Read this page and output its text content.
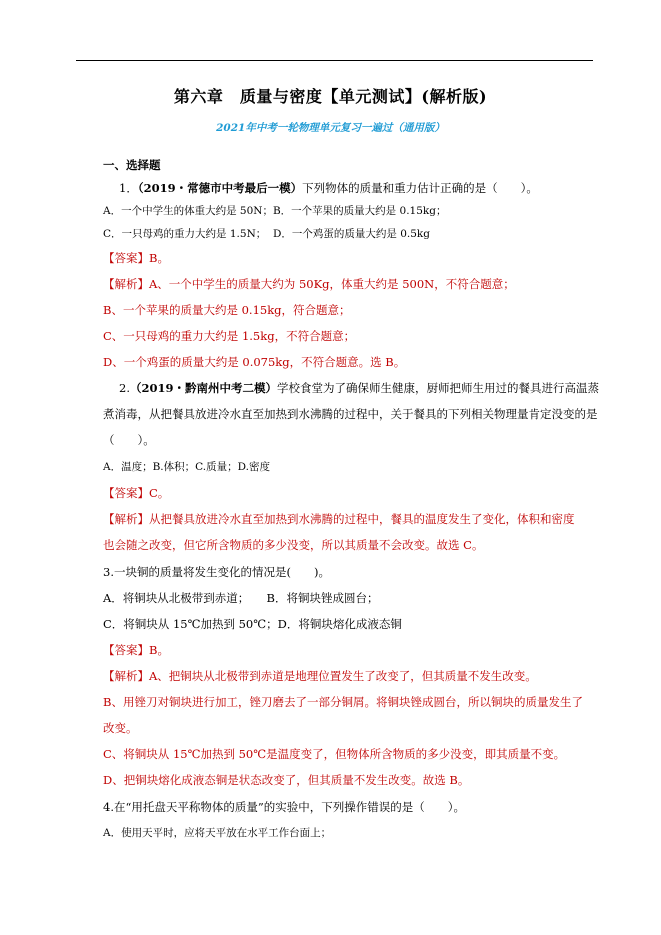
第六章　质量与密度【单元测试】(解析版)
2021年中考一轮物理单元复习一遍过（通用版）
一、选择题
1．（2019・常德市中考最后一模）下列物体的质量和重力估计正确的是（　　）。
A．一个中学生的体重大约是 50N；B．一个苹果的质量大约是 0.15kg；
C．一只母鸡的重力大约是 1.5N； D．一个鸡蛋的质量大约是 0.5kg
【答案】B。
【解析】A、一个中学生的质量大约为 50Kg，体重大约是 500N，不符合题意；
B、一个苹果的质量大约是 0.15kg，符合题意；
C、一只母鸡的重力大约是 1.5kg，不符合题意；
D、一个鸡蛋的质量大约是 0.075kg，不符合题意。选 B。
2.（2019・黔南州中考二模）学校食堂为了确保师生健康，厨师把师生用过的餐具进行高温蒸
煮消毒，从把餐具放进冷水直至加热到水沸腾的过程中，关于餐具的下列相关物理量肯定没变的是
（　　）。
A．温度；B.体积；C.质量；D.密度
【答案】C。
【解析】从把餐具放进冷水直至加热到水沸腾的过程中，餐具的温度发生了变化，体积和密度
也会随之改变，但它所含物质的多少没变，所以其质量不会改变。故选 C。
3.一块铜的质量将发生变化的情况是(　　)。
A．将铜块从北极带到赤道；　　B．将铜块锉成圆台；
C．将铜块从 15℃加热到 50℃；D．将铜块熔化成液态铜
【答案】B。
【解析】A、把铜块从北极带到赤道是地理位置发生了改变了，但其质量不发生改变。
B、用锉刀对铜块进行加工，锉刀磨去了一部分铜屑。将铜块锉成圆台，所以铜块的质量发生了
改变。
C、将铜块从 15℃加热到 50℃是温度变了，但物体所含物质的多少没变，即其质量不变。
D、把铜块熔化成液态铜是状态改变了，但其质量不发生改变。故选 B。
4.在“用托盘天平称物体的质量”的实验中，下列操作错误的是（　　）。
A．使用天平时，应将天平放在水平工作台面上；
